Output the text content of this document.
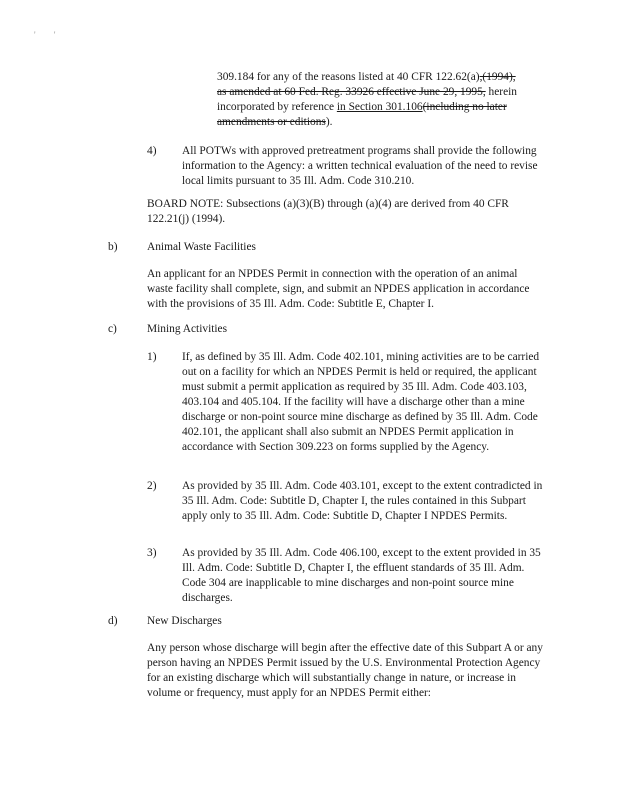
' '
309.184 for any of the reasons listed at 40 CFR 122.62(a),(1994),
as amended at 60 Fed. Reg. 33926 effective June 29, 1995, herein
incorporated by reference in Section 301.106(including no later
amendments or editions).
4) All POTWs with approved pretreatment programs shall provide the following information to the Agency: a written technical evaluation of the need to revise local limits pursuant to 35 Ill. Adm. Code 310.210.

BOARD NOTE: Subsections (a)(3)(B) through (a)(4) are derived from 40 CFR 122.21(j) (1994).

b)	Animal Waste Facilities

An applicant for an NPDES Permit in connection with the operation of an animal waste facility shall complete, sign, and submit an NPDES application in accordance with the provisions of 35 Ill. Adm. Code: Subtitle E, Chapter I.

c)	Mining Activities
1) If, as defined by 35 Ill. Adm. Code 402.101, mining activities are to be carried out on a facility for which an NPDES Permit is held or required, the applicant must submit a permit application as required by 35 Ill. Adm. Code 403.103, 403.104 and 405.104. If the facility will have a discharge other than a mine discharge or non-point source mine discharge as defined by 35 Ill. Adm. Code 402.101, the applicant shall also submit an NPDES Permit application in accordance with Section 309.223 on forms supplied by the Agency.

2) As provided by 35 Ill. Adm. Code 403.101, except to the extent contradicted in 35 Ill. Adm. Code: Subtitle D, Chapter I, the rules contained in this Subpart apply only to 35 Ill. Adm. Code: Subtitle D, Chapter I NPDES Permits.

3) As provided by 35 Ill. Adm. Code 406.100, except to the extent provided in 35 Ill. Adm. Code: Subtitle D, Chapter I, the effluent standards of 35 Ill. Adm. Code 304 are inapplicable to mine discharges and non-point source mine discharges.

d)	New Discharges

Any person whose discharge will begin after the effective date of this Subpart A or any person having an NPDES Permit issued by the U.S. Environmental Protection Agency for an existing discharge which will substantially change in nature, or increase in volume or frequency, must apply for an NPDES Permit either:
